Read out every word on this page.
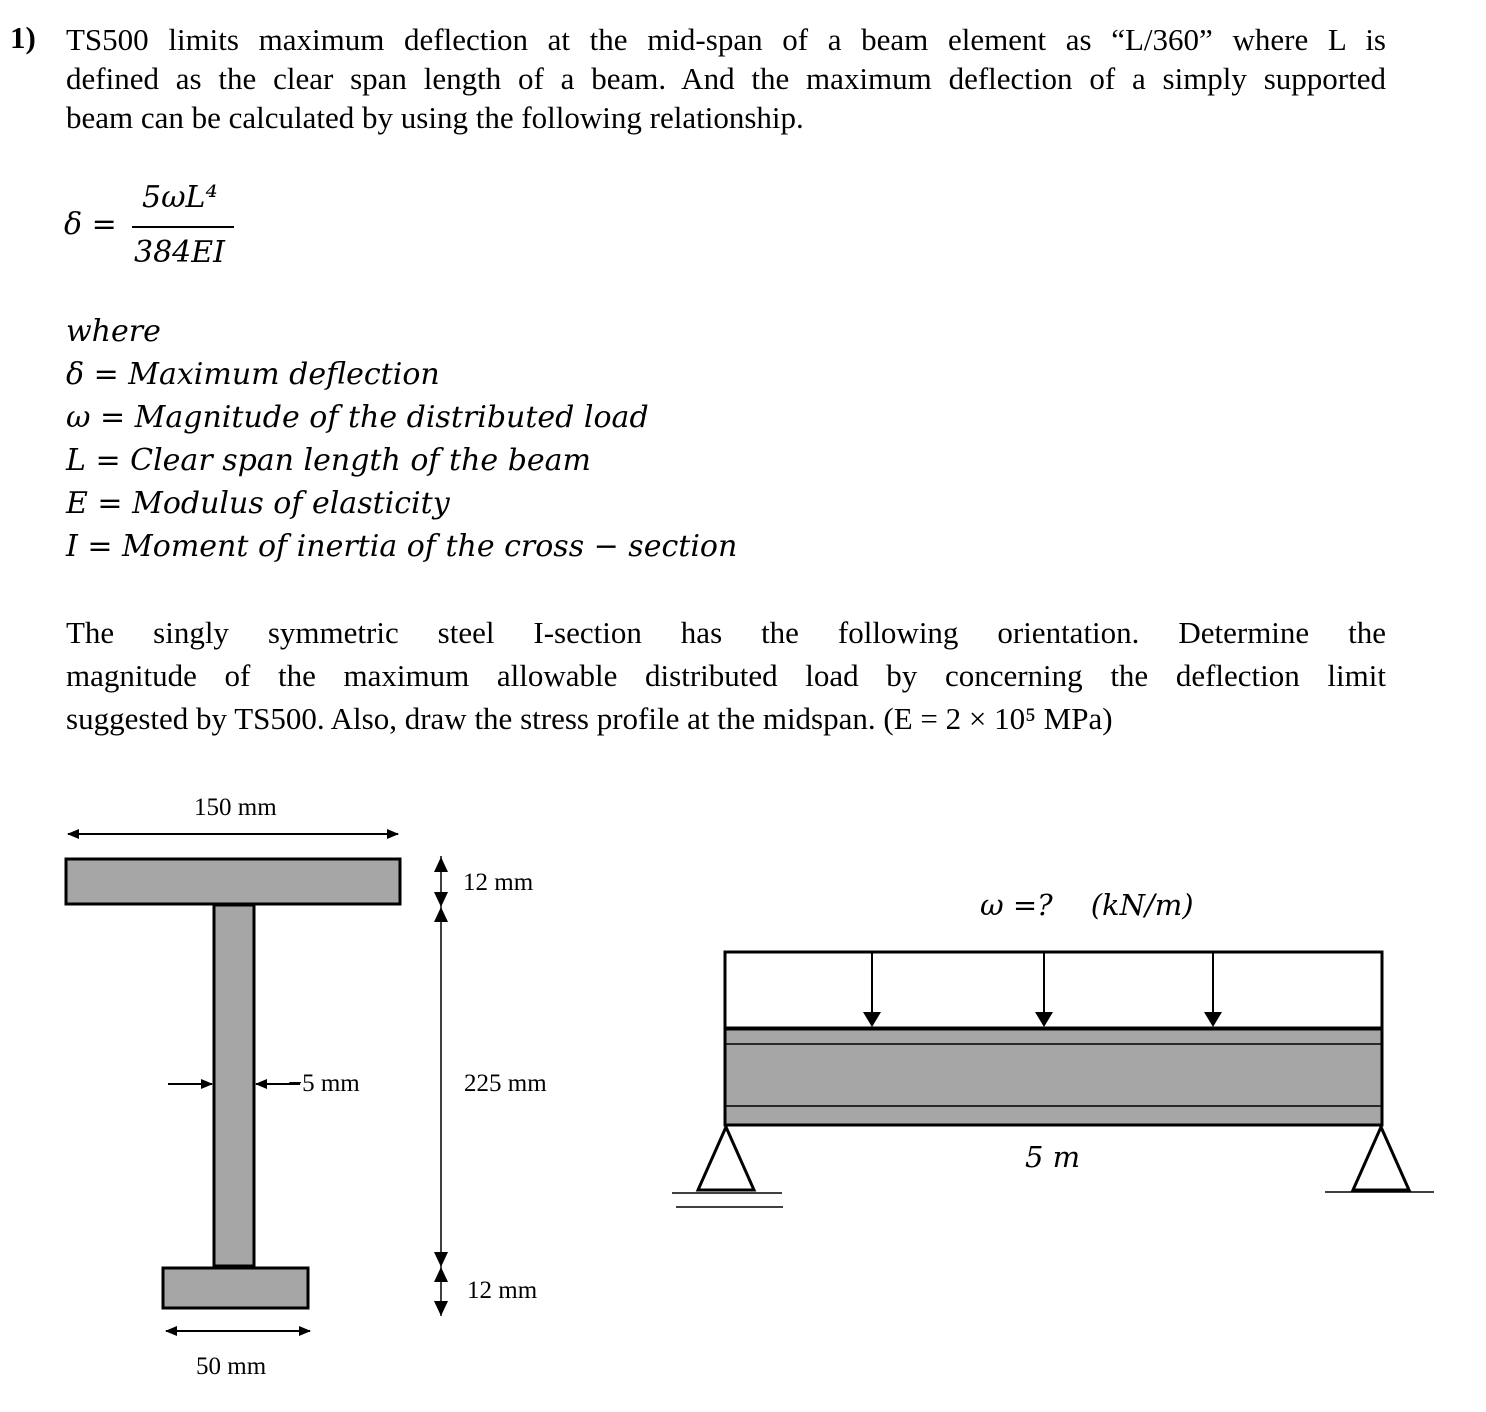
1) TS500 limits maximum deflection at the mid-span of a beam element as “L/360” where L is
defined as the clear span length of a beam. And the maximum deflection of a simply supported
beam can be calculated by using the following relationship.
δ =
5ωL⁴
384EI
where
δ = Maximum deflection
ω = Magnitude of the distributed load
L = Clear span length of the beam
E = Modulus of elasticity
I = Moment of inertia of the cross − section
The singly symmetric steel I-section has the following orientation. Determine the
magnitude of the maximum allowable distributed load by concerning the deflection limit
suggested by TS500. Also, draw the stress profile at the midspan. (E = 2 × 10⁵ MPa)
150 mm
12 mm
−5 mm	225 mm
12 mm
50 mm
ω =? (kN/m)
5 m
